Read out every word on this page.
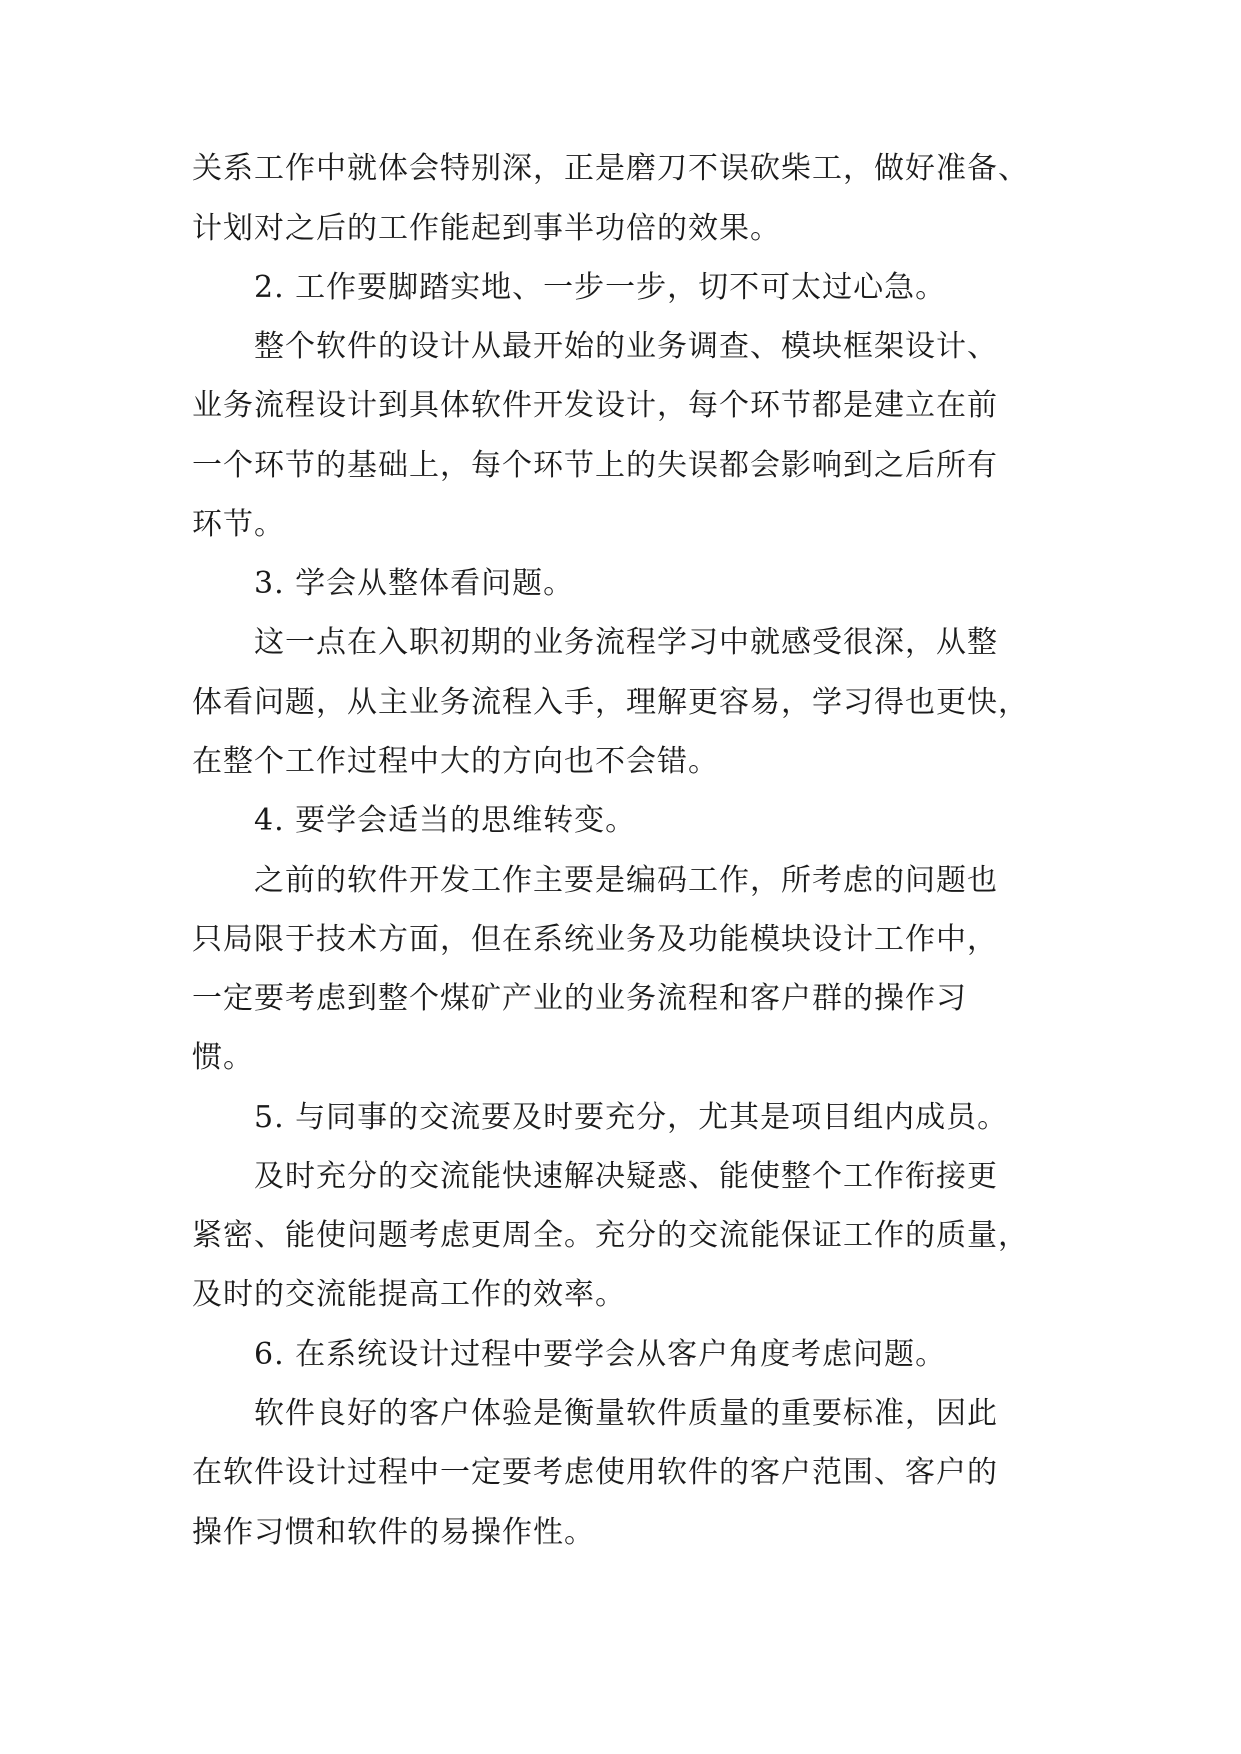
关系工作中就体会特别深，正是磨刀不误砍柴工，做好准备、
计划对之后的工作能起到事半功倍的效果。
2. 工作要脚踏实地、一步一步，切不可太过心急。
整个软件的设计从最开始的业务调查、模块框架设计、
业务流程设计到具体软件开发设计，每个环节都是建立在前
一个环节的基础上，每个环节上的失误都会影响到之后所有
环节。
3. 学会从整体看问题。
这一点在入职初期的业务流程学习中就感受很深，从整
体看问题，从主业务流程入手，理解更容易，学习得也更快，
在整个工作过程中大的方向也不会错。
4. 要学会适当的思维转变。
之前的软件开发工作主要是编码工作，所考虑的问题也
只局限于技术方面，但在系统业务及功能模块设计工作中，
一定要考虑到整个煤矿产业的业务流程和客户群的操作习
惯。
5. 与同事的交流要及时要充分，尤其是项目组内成员。
及时充分的交流能快速解决疑惑、能使整个工作衔接更
紧密、能使问题考虑更周全。充分的交流能保证工作的质量，
及时的交流能提高工作的效率。
6. 在系统设计过程中要学会从客户角度考虑问题。
软件良好的客户体验是衡量软件质量的重要标准，因此
在软件设计过程中一定要考虑使用软件的客户范围、客户的
操作习惯和软件的易操作性。
